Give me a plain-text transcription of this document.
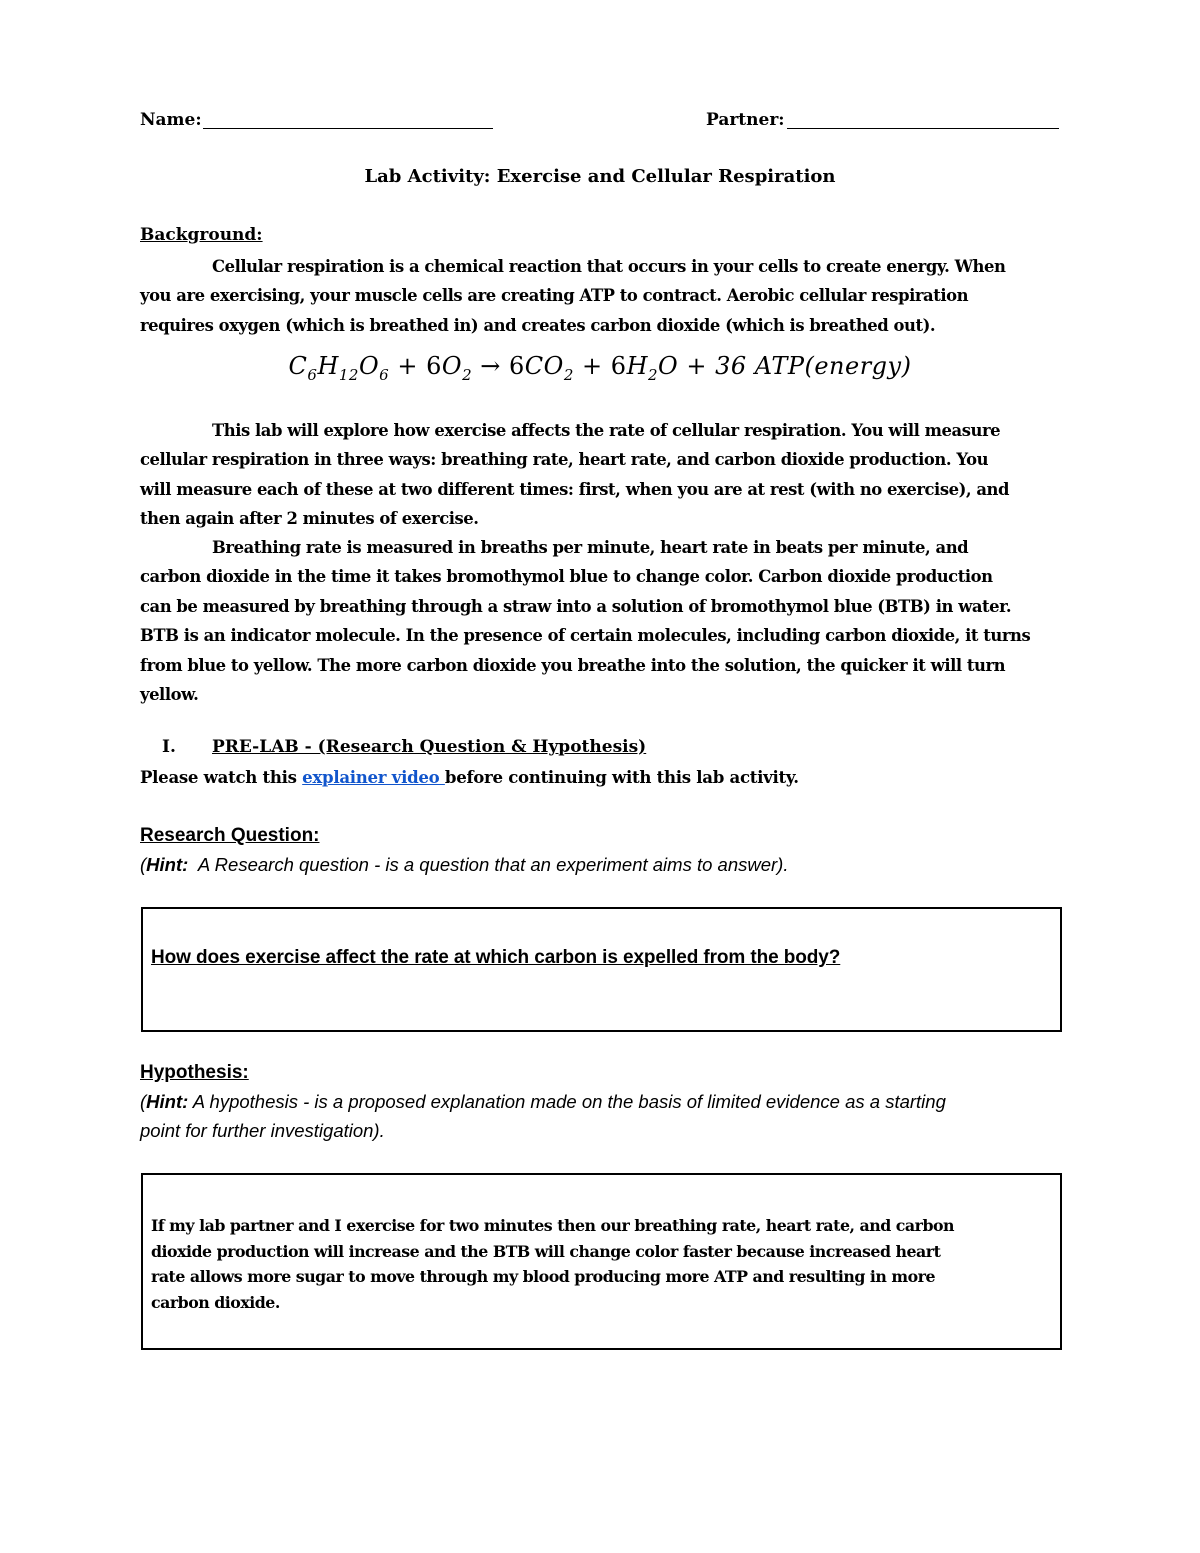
Name:	Partner:
Lab Activity: Exercise and Cellular Respiration
Background:
Cellular respiration is a chemical reaction that occurs in your cells to create energy. When
you are exercising, your muscle cells are creating ATP to contract. Aerobic cellular respiration
requires oxygen (which is breathed in) and creates carbon dioxide (which is breathed out).
$C_6H_{12}O_6 + 6O_2 \to 6CO_2 + 6H_2O + 36$ ATP(energy)
This lab will explore how exercise affects the rate of cellular respiration. You will measure
cellular respiration in three ways: breathing rate, heart rate, and carbon dioxide production. You
will measure each of these at two different times: first, when you are at rest (with no exercise), and
then again after 2 minutes of exercise.
Breathing rate is measured in breaths per minute, heart rate in beats per minute, and
carbon dioxide in the time it takes bromothymol blue to change color. Carbon dioxide production
can be measured by breathing through a straw into a solution of bromothymol blue (BTB) in water.
BTB is an indicator molecule. In the presence of certain molecules, including carbon dioxide, it turns
from blue to yellow. The more carbon dioxide you breathe into the solution, the quicker it will turn
yellow.
I. PRE-LAB - (Research Question & Hypothesis)
Please watch this explainer video before continuing with this lab activity.
Research Question:
(Hint:  A Research question - is a question that an experiment aims to answer).
How does exercise affect the rate at which carbon is expelled from the body?
Hypothesis:
(Hint: A hypothesis - is a proposed explanation made on the basis of limited evidence as a starting
point for further investigation).
If my lab partner and I exercise for two minutes then our breathing rate, heart rate, and carbon
dioxide production will increase and the BTB will change color faster because increased heart
rate allows more sugar to move through my blood producing more ATP and resulting in more
carbon dioxide.
